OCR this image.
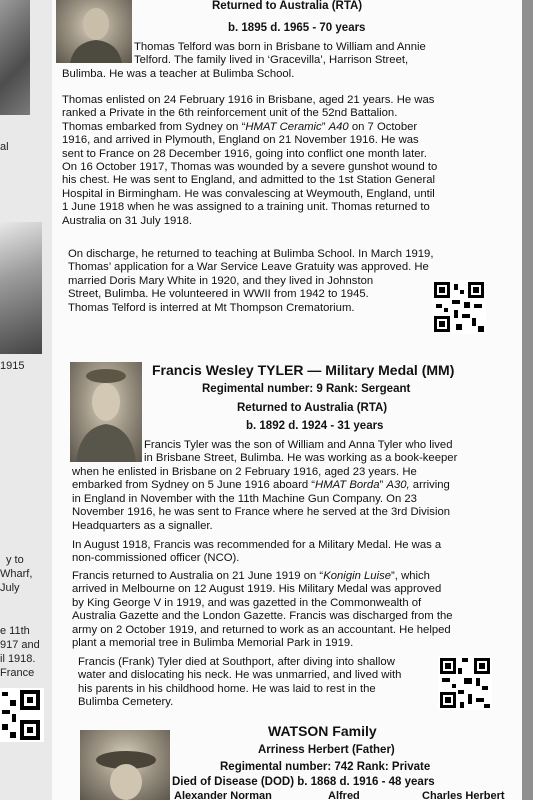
al
1915
y to
Wharf,
July
e 11th
917 and
il 1918.
France
Returned to Australia (RTA)
b. 1895 d. 1965 - 70 years
Thomas Telford was born in Brisbane to William and Annie
Telford. The family lived in ‘Gracevilla’, Harrison Street,
Bulimba. He was a teacher at Bulimba School.
Thomas enlisted on 24 February 1916 in Brisbane, aged 21 years. He was
ranked a Private in the 6th reinforcement unit of the 52nd Battalion.
Thomas embarked from Sydney on “HMAT Ceramic” A40 on 7 October
1916, and arrived in Plymouth, England on 21 November 1916. He was
sent to France on 28 December 1916, going into conflict one month later.
On 16 October 1917, Thomas was wounded by a severe gunshot wound to
his chest. He was sent to England, and admitted to the 1st Station General
Hospital in Birmingham. He was convalescing at Weymouth, England, until
1 June 1918 when he was assigned to a training unit. Thomas returned to
Australia on 31 July 1918.
On discharge, he returned to teaching at Bulimba School. In March 1919,
Thomas’ application for a War Service Leave Gratuity was approved. He
married Doris Mary White in 1920, and they lived in Johnston
Street, Bulimba. He volunteered in WWII from 1942 to 1945.
Thomas Telford is interred at Mt Thompson Crematorium.
Francis Wesley TYLER — Military Medal (MM)
Regimental number: 9 Rank: Sergeant
Returned to Australia (RTA)
b. 1892 d. 1924 - 31 years
Francis Tyler was the son of William and Anna Tyler who lived
in Brisbane Street, Bulimba. He was working as a book-keeper
when he enlisted in Brisbane on 2 February 1916, aged 23 years. He
embarked from Sydney on 5 June 1916 aboard “HMAT Borda” A30, arriving
in England in November with the 11th Machine Gun Company. On 23
November 1916, he was sent to France where he served at the 3rd Division
Headquarters as a signaller.
In August 1918, Francis was recommended for a Military Medal. He was a
non-commissioned officer (NCO).
Francis returned to Australia on 21 June 1919 on “Konigin Luise”, which
arrived in Melbourne on 12 August 1919. His Military Medal was approved
by King George V in 1919, and was gazetted in the Commonwealth of
Australia Gazette and the London Gazette. Francis was discharged from the
army on 2 October 1919, and returned to work as an accountant. He helped
plant a memorial tree in Bulimba Memorial Park in 1919.
Francis (Frank) Tyler died at Southport, after diving into shallow
water and dislocating his neck. He was unmarried, and lived with
his parents in his childhood home. He was laid to rest in the
Bulimba Cemetery.
WATSON Family
Arriness Herbert (Father)
Regimental number: 742 Rank: Private
Died of Disease (DOD) b. 1868 d. 1916 - 48 years
Alexander Norman	Alfred	Charles Herbert
